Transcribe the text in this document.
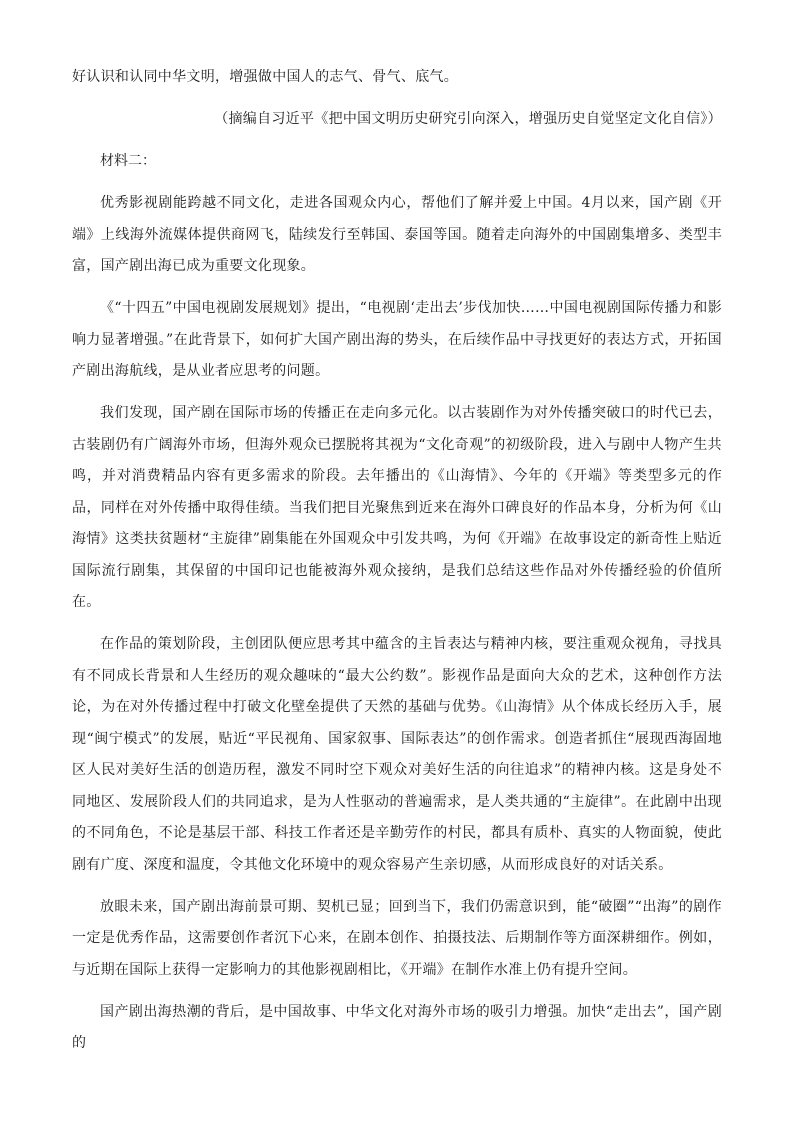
好认识和认同中华文明，增强做中国人的志气、骨气、底气。

（摘编自习近平《把中国文明历史研究引向深入，增强历史自觉坚定文化自信》）

材料二：

优秀影视剧能跨越不同文化，走进各国观众内心，帮他们了解并爱上中国。4月以来，国产剧《开端》上线海外流媒体提供商网飞，陆续发行至韩国、泰国等国。随着走向海外的中国剧集增多、类型丰富，国产剧出海已成为重要文化现象。

《“十四五”中国电视剧发展规划》提出，“电视剧‘走出去’步伐加快……中国电视剧国际传播力和影响力显著增强。”在此背景下，如何扩大国产剧出海的势头，在后续作品中寻找更好的表达方式，开拓国产剧出海航线，是从业者应思考的问题。

我们发现，国产剧在国际市场的传播正在走向多元化。以古装剧作为对外传播突破口的时代已去，古装剧仍有广阔海外市场，但海外观众已摆脱将其视为“文化奇观”的初级阶段，进入与剧中人物产生共鸣，并对消费精品内容有更多需求的阶段。去年播出的《山海情》、今年的《开端》等类型多元的作品，同样在对外传播中取得佳绩。当我们把目光聚焦到近来在海外口碑良好的作品本身，分析为何《山海情》这类扶贫题材“主旋律”剧集能在外国观众中引发共鸣，为何《开端》在故事设定的新奇性上贴近国际流行剧集，其保留的中国印记也能被海外观众接纳，是我们总结这些作品对外传播经验的价值所在。

在作品的策划阶段，主创团队便应思考其中蕴含的主旨表达与精神内核，要注重观众视角，寻找具有不同成长背景和人生经历的观众趣味的“最大公约数”。影视作品是面向大众的艺术，这种创作方法论，为在对外传播过程中打破文化壁垒提供了天然的基础与优势。《山海情》从个体成长经历入手，展现“闽宁模式”的发展，贴近“平民视角、国家叙事、国际表达”的创作需求。创造者抓住“展现西海固地区人民对美好生活的创造历程，激发不同时空下观众对美好生活的向往追求”的精神内核。这是身处不同地区、发展阶段人们的共同追求，是为人性驱动的普遍需求，是人类共通的“主旋律”。在此剧中出现的不同角色，不论是基层干部、科技工作者还是辛勤劳作的村民，都具有质朴、真实的人物面貌，使此剧有广度、深度和温度，令其他文化环境中的观众容易产生亲切感，从而形成良好的对话关系。

放眼未来，国产剧出海前景可期、契机已显；回到当下，我们仍需意识到，能“破圈”“出海”的剧作一定是优秀作品，这需要创作者沉下心来，在剧本创作、拍摄技法、后期制作等方面深耕细作。例如，与近期在国际上获得一定影响力的其他影视剧相比，《开端》在制作水准上仍有提升空间。

国产剧出海热潮的背后，是中国故事、中华文化对海外市场的吸引力增强。加快“走出去”，国产剧的
